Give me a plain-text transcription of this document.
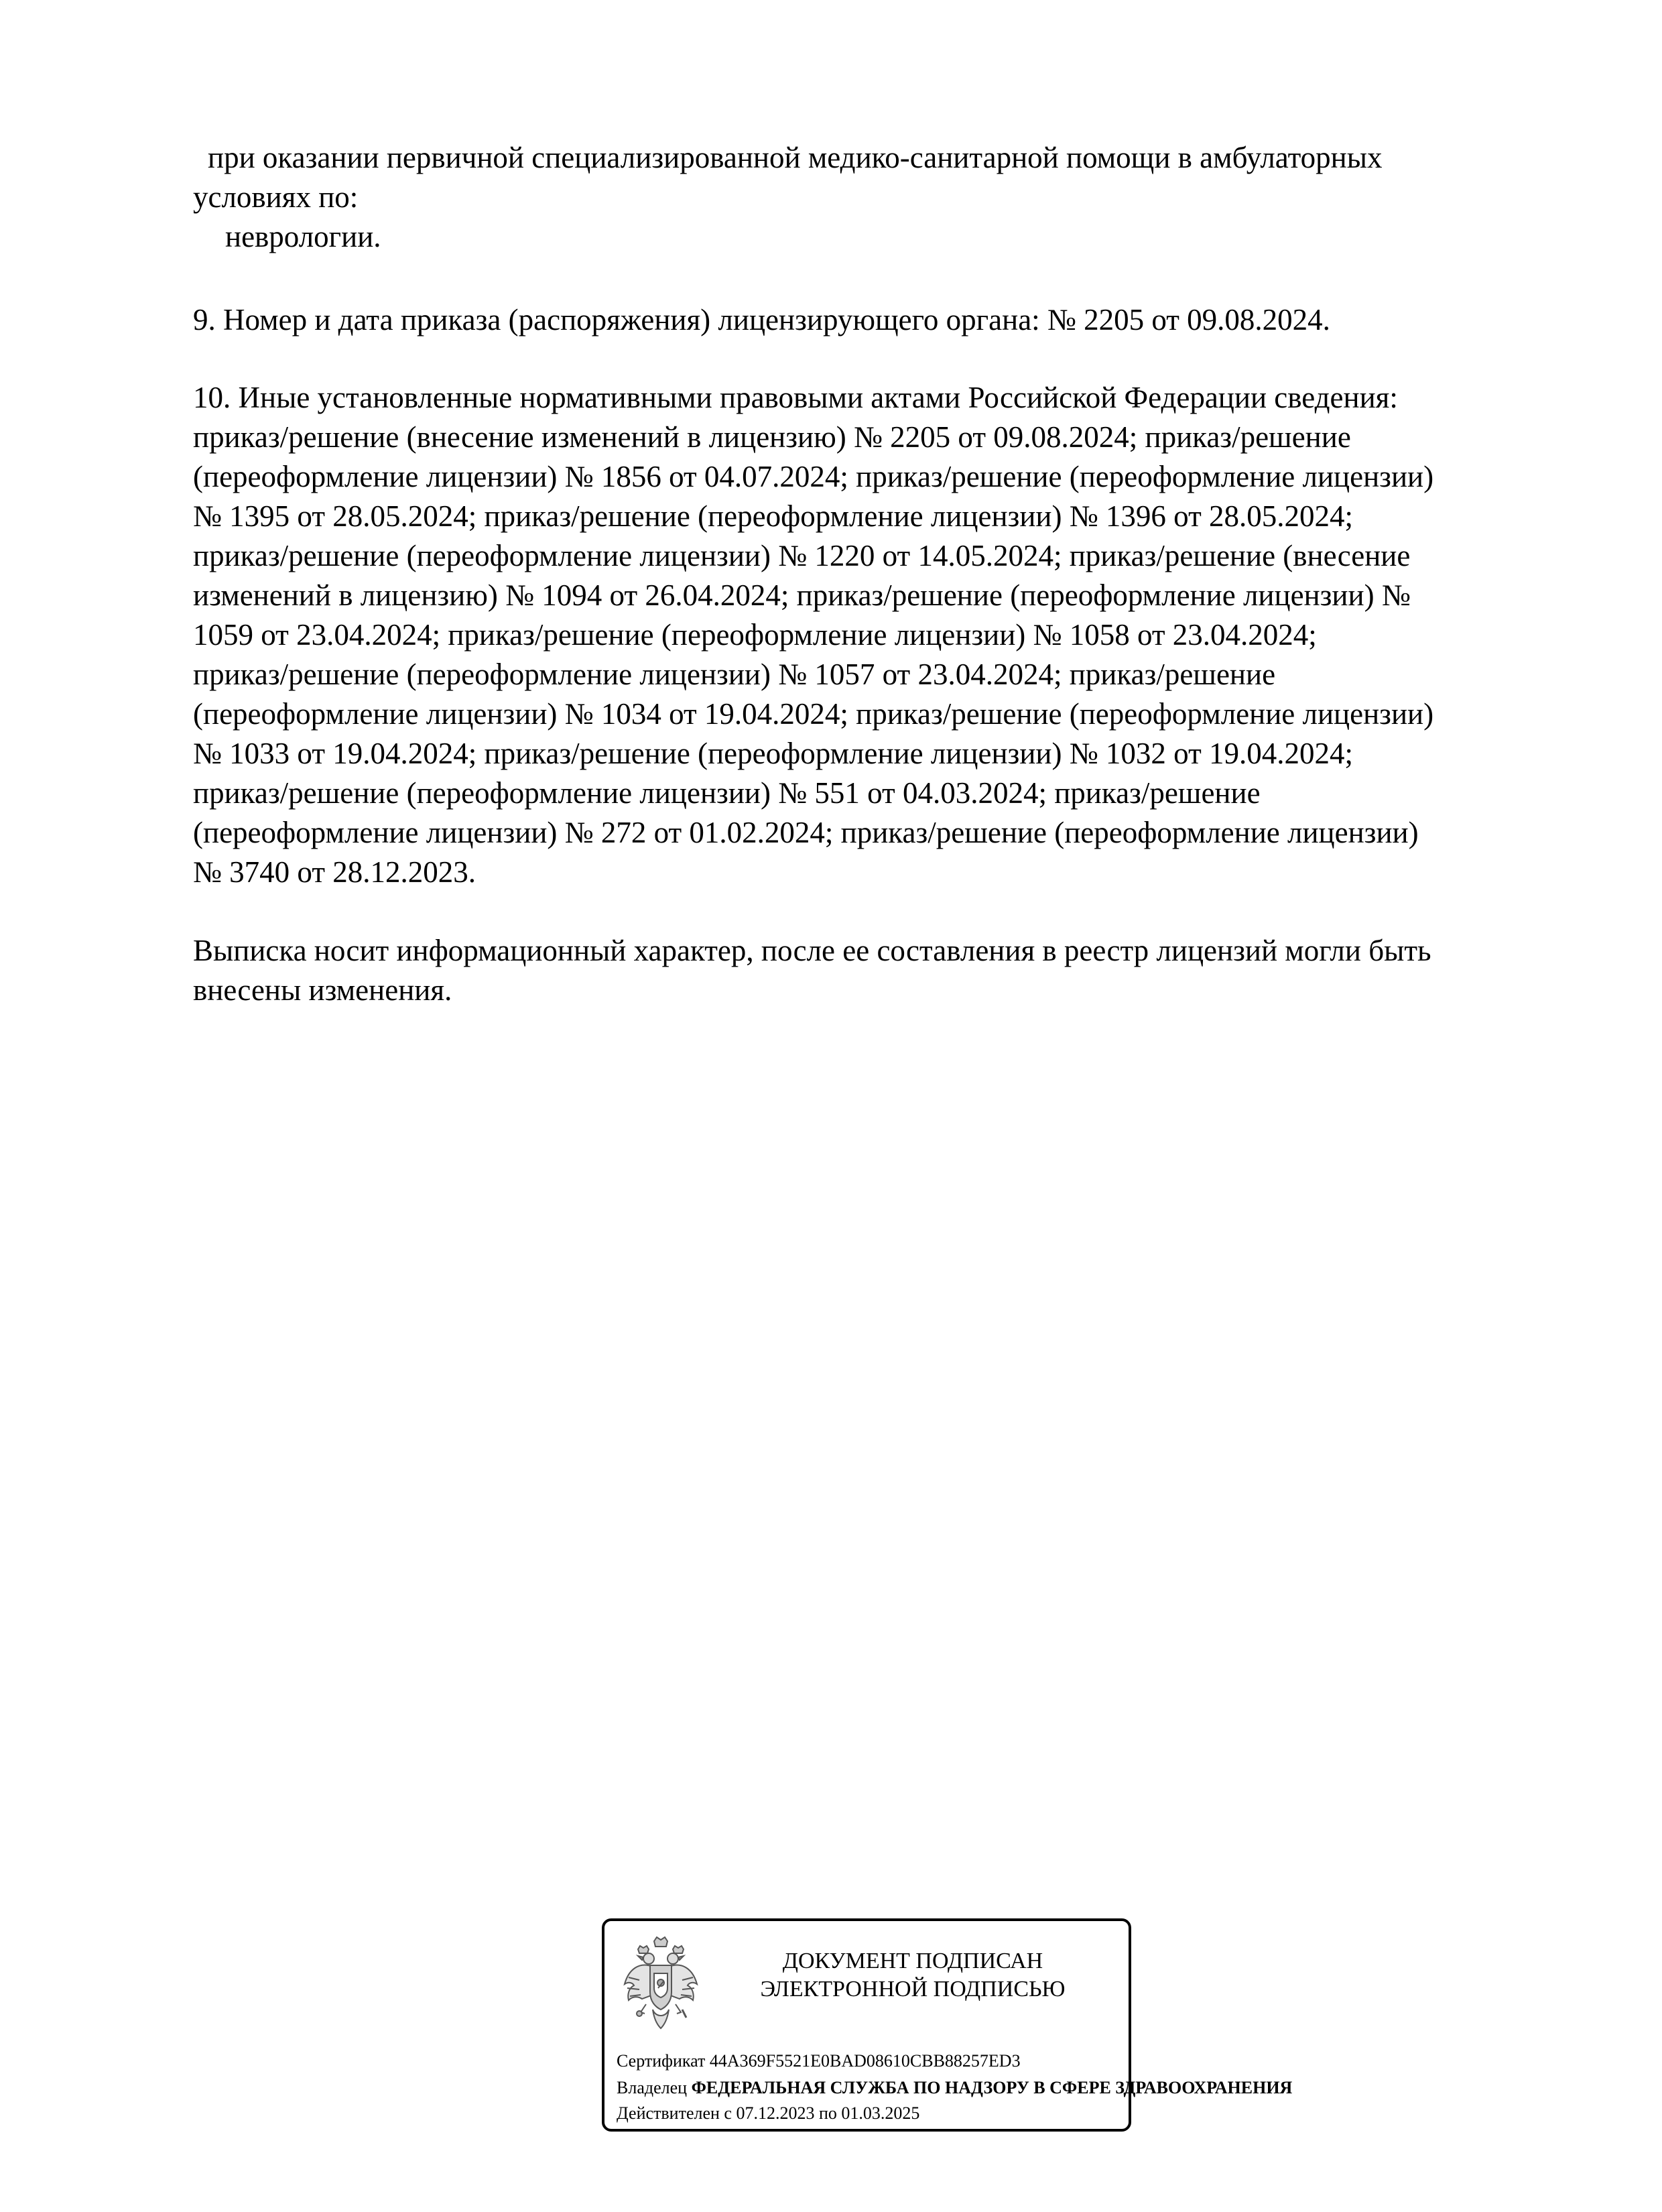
при оказании первичной специализированной медико-санитарной помощи в амбулаторных
условиях по:
неврологии.
9. Номер и дата приказа (распоряжения) лицензирующего органа: № 2205 от 09.08.2024.
10. Иные установленные нормативными правовыми актами Российской Федерации сведения:
приказ/решение (внесение изменений в лицензию) № 2205 от 09.08.2024; приказ/решение
(переоформление лицензии) № 1856 от 04.07.2024; приказ/решение (переоформление лицензии)
№ 1395 от 28.05.2024; приказ/решение (переоформление лицензии) № 1396 от 28.05.2024;
приказ/решение (переоформление лицензии) № 1220 от 14.05.2024; приказ/решение (внесение
изменений в лицензию) № 1094 от 26.04.2024; приказ/решение (переоформление лицензии) №
1059 от 23.04.2024; приказ/решение (переоформление лицензии) № 1058 от 23.04.2024;
приказ/решение (переоформление лицензии) № 1057 от 23.04.2024; приказ/решение
(переоформление лицензии) № 1034 от 19.04.2024; приказ/решение (переоформление лицензии)
№ 1033 от 19.04.2024; приказ/решение (переоформление лицензии) № 1032 от 19.04.2024;
приказ/решение (переоформление лицензии) № 551 от 04.03.2024; приказ/решение
(переоформление лицензии) № 272 от 01.02.2024; приказ/решение (переоформление лицензии)
№ 3740 от 28.12.2023.
Выписка носит информационный характер, после ее составления в реестр лицензий могли быть
внесены изменения.
ДОКУМЕНТ ПОДПИСАН
ЭЛЕКТРОННОЙ ПОДПИСЬЮ
Сертификат 44A369F5521E0BAD08610CBB88257ED3
Владелец ФЕДЕРАЛЬНАЯ СЛУЖБА ПО НАДЗОРУ В СФЕРЕ ЗДРАВООХРАНЕНИЯ
Действителен с 07.12.2023 по 01.03.2025
